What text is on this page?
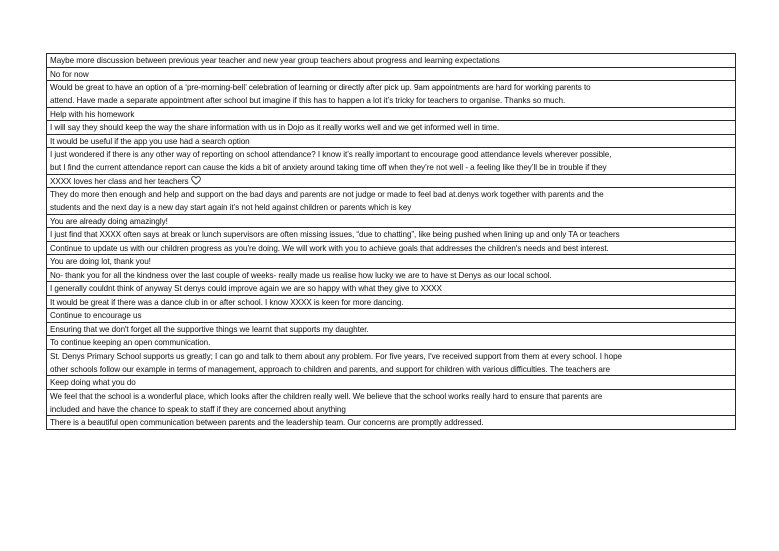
Maybe more discussion between previous year teacher and new year group teachers about progress and learning expectations
No for now
Would be great to have an option of a ‘pre-morning-bell’ celebration of learning or directly after pick up. 9am appointments are hard for working parents to
attend. Have made a separate appointment after school but imagine if this has to happen a lot it’s tricky for teachers to organise. Thanks so much.
Help with his homework
I will say they should keep the way the share information with us in Dojo as it really works well and we get informed well in time.
It would be useful if the app you use had a search option
I just wondered if there is any other way of reporting on school attendance? I know it’s really important to encourage good attendance levels wherever possible,
but I find the current attendance report can cause the kids a bit of anxiety around taking time off when they’re not well - a feeling like they’ll be in trouble if they
XXXX loves her class and her teachers
They do more then enough and help and support on the bad days and parents are not judge or made to feel bad at.denys work together with parents and the
students and the next day is a new day start again it’s not held against children or parents which is key
You are already doing amazingly!
I just find that XXXX often says at break or lunch supervisors are often missing issues, “due to chatting”, like being pushed when lining up and only TA or teachers
Continue to update us with our children progress as you're doing. We will work with you to achieve goals that addresses the children's needs and best interest.
You are doing lot, thank you!
No- thank you for all the kindness over the last couple of weeks- really made us realise how lucky we are to have st Denys as our local school.
I generally couldnt think of anyway St denys could improve again we are so happy with what they give to XXXX
It would be great if there was a dance club in or after school. I know XXXX is keen for more dancing.
Continue to encourage us
Ensuring that we don't forget all the supportive things we learnt that supports my daughter.
To continue keeping an open communication.
St. Denys Primary School supports us greatly; I can go and talk to them about any problem. For five years, I've received support from them at every school. I hope
other schools follow our example in terms of management, approach to children and parents, and support for children with various difficulties. The teachers are
Keep doing what you do
We feel that the school is a wonderful place, which looks after the children really well. We believe that the school works really hard to ensure that parents are
included and have the chance to speak to staff if they are concerned about anything
There is a beautiful open communication between parents and the leadership team. Our concerns are promptly addressed.
